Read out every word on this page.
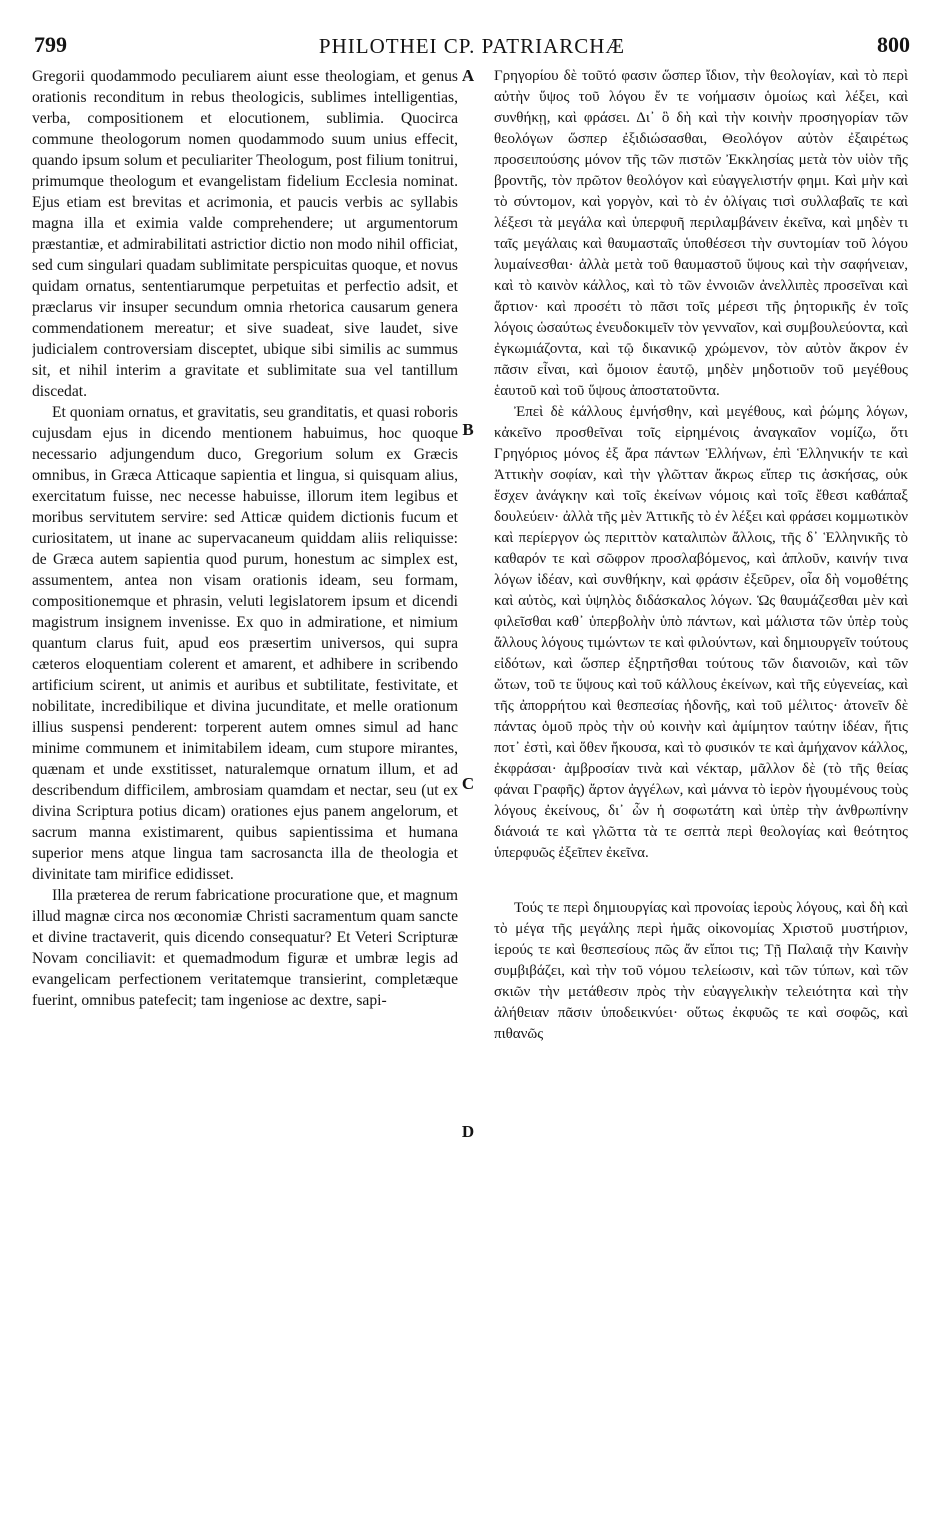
799	PHILOTHEI CP. PATRIARCHÆ	800
A
B
C
D

Gregorii quodammodo peculiarem aiunt esse theologiam, et genus orationis reconditum in rebus theologicis, sublimes intelligentias, verba, compositionem et elocutionem, sublimia. Quocirca commune theologorum nomen quodammodo suum unius effecit, quando ipsum solum et peculiariter Theologum, post filium tonitrui, primumque theologum et evangelistam fidelium Ecclesia nominat. Ejus etiam est brevitas et acrimonia, et paucis verbis ac syllabis magna illa et eximia valde comprehendere; ut argumentorum præstantiæ, et admirabilitati astrictior dictio non modo nihil officiat, sed cum singulari quadam sublimitate perspicuitas quoque, et novus quidam ornatus, sententiarumque perpetuitas et perfectio adsit, et præclarus vir insuper secundum omnia rhetorica causarum genera commendationem mereatur; et sive suadeat, sive laudet, sive judicialem controversiam disceptet, ubique sibi similis ac summus sit, et nihil interim a gravitate et sublimitate sua vel tantillum discedat.

Et quoniam ornatus, et gravitatis, seu granditatis, et quasi roboris cujusdam ejus in dicendo mentionem habuimus, hoc quoque necessario adjungendum duco, Gregorium solum ex Græcis omnibus, in Græca Atticaque sapientia et lingua, si quisquam alius, exercitatum fuisse, nec necesse habuisse, illorum item legibus et moribus servitutem servire: sed Atticæ quidem dictionis fucum et curiositatem, ut inane ac supervacaneum quiddam aliis reliquisse: de Græca autem sapientia quod purum, honestum ac simplex est, assumentem, antea non visam orationis ideam, seu formam, compositionemque et phrasin, veluti legislatorem ipsum et dicendi magistrum insignem invenisse. Ex quo in admiratione, et nimium quantum clarus fuit, apud eos præsertim universos, qui supra cæteros eloquentiam colerent et amarent, et adhibere in scribendo artificium scirent, ut animis et auribus et subtilitate, festivitate, et nobilitate, incredibilique et divina jucunditate, et melle orationum illius suspensi penderent: torperent autem omnes simul ad hanc minime communem et inimitabilem ideam, cum stupore mirantes, quænam et unde exstitisset, naturalemque ornatum illum, et ad describendum difficilem, ambrosiam quamdam et nectar, seu (ut ex divina Scriptura potius dicam) orationes ejus panem angelorum, et sacrum manna existimarent, quibus sapientissima et humana superior mens atque lingua tam sacrosancta illa de theologia et divinitate tam mirifice edidisset.

Illa præterea de rerum fabricatione procuratione que, et magnum illud magnæ circa nos œconomiæ Christi sacramentum quam sancte et divine tractaverit, quis dicendo consequatur? Et Veteri Scripturæ Novam conciliavit: et quemadmodum figuræ et umbræ legis ad evangelicam perfectionem veritatemque transierint, completæque fuerint, omnibus patefecit; tam ingeniose ac dextre, sapi-

Γρηγορίου δὲ τοῦτό φασιν ὥσπερ ἴδιον, τὴν θεολογίαν, καὶ τὸ περὶ αὐτὴν ὕψος τοῦ λόγου ἔν τε νοήμασιν ὁμοίως καὶ λέξει, καὶ συνθήκῃ, καὶ φράσει. Δι᾽ ὃ δὴ καὶ τὴν κοινὴν προσηγορίαν τῶν θεολόγων ὥσπερ ἐξιδιώσασθαι, Θεολόγον αὐτὸν ἐξαιρέτως προσειπούσης μόνον τῆς τῶν πιστῶν Ἐκκλησίας μετὰ τὸν υἱὸν τῆς βροντῆς, τὸν πρῶτον θεολόγον καὶ εὐαγγελιστήν φημι. Καὶ μὴν καὶ τὸ σύντομον, καὶ γοργὸν, καὶ τὸ ἐν ὀλίγαις τισὶ συλλαβαῖς τε καὶ λέξεσι τὰ μεγάλα καὶ ὑπερφυῆ περιλαμβάνειν ἐκεῖνα, καὶ μηδὲν τι ταῖς μεγάλαις καὶ θαυμασταῖς ὑποθέσεσι τὴν συντομίαν τοῦ λόγου λυμαίνεσθαι· ἀλλὰ μετὰ τοῦ θαυμαστοῦ ὕψους καὶ τὴν σαφήνειαν, καὶ τὸ καινὸν κάλλος, καὶ τὸ τῶν ἐννοιῶν ἀνελλιπὲς προσεῖναι καὶ ἄρτιον· καὶ προσέτι τὸ πᾶσι τοῖς μέρεσι τῆς ῥητορικῆς ἐν τοῖς λόγοις ὡσαύτως ἐνευδοκιμεῖν τὸν γενναῖον, καὶ συμβουλεύοντα, καὶ ἐγκωμιάζοντα, καὶ τῷ δικανικῷ χρώμενον, τὸν αὐτὸν ἄκρον ἐν πᾶσιν εἶναι, καὶ ὅμοιον ἑαυτῷ, μηδὲν μηδοτιοῦν τοῦ μεγέθους ἑαυτοῦ καὶ τοῦ ὕψους ἀποστατοῦντα.

Ἐπεὶ δὲ κάλλους ἐμνήσθην, καὶ μεγέθους, καὶ ῥώμης λόγων, κἀκεῖνο προσθεῖναι τοῖς εἰρημένοις ἀναγκαῖον νομίζω, ὅτι Γρηγόριος μόνος ἐξ ἄρα πάντων Ἑλλήνων, ἐπὶ Ἑλληνικήν τε καὶ Ἀττικὴν σοφίαν, καὶ τὴν γλῶτταν ἄκρως εἴπερ τις ἀσκήσας, οὐκ ἔσχεν ἀνάγκην καὶ τοῖς ἐκείνων νόμοις καὶ τοῖς ἔθεσι καθάπαξ δουλεύειν· ἀλλὰ τῆς μὲν Ἀττικῆς τὸ ἐν λέξει καὶ φράσει κομμωτικὸν καὶ περίεργον ὡς περιττὸν καταλιπὼν ἄλλοις, τῆς δ᾽ Ἑλληνικῆς τὸ καθαρόν τε καὶ σῶφρον προσλαβόμενος, καὶ ἁπλοῦν, καινήν τινα λόγων ἰδέαν, καὶ συνθήκην, καὶ φράσιν ἐξεῦρεν, οἷα δὴ νομοθέτης καὶ αὐτὸς, καὶ ὑψηλὸς διδάσκαλος λόγων. Ὡς θαυμάζεσθαι μὲν καὶ φιλεῖσθαι καθ᾽ ὑπερβολὴν ὑπὸ πάντων, καὶ μάλιστα τῶν ὑπὲρ τοὺς ἄλλους λόγους τιμώντων τε καὶ φιλούντων, καὶ δημιουργεῖν τούτους εἰδότων, καὶ ὥσπερ ἐξηρτῆσθαι τούτους τῶν διανοιῶν, καὶ τῶν ὤτων, τοῦ τε ὕψους καὶ τοῦ κάλλους ἐκείνων, καὶ τῆς εὐγενείας, καὶ τῆς ἀπορρήτου καὶ θεσπεσίας ἡδονῆς, καὶ τοῦ μέλιτος· ἀτονεῖν δὲ πάντας ὁμοῦ πρὸς τὴν οὐ κοινὴν καὶ ἀμίμητον ταύτην ἰδέαν, ἥτις ποτ᾽ ἐστὶ, καὶ ὅθεν ἤκουσα, καὶ τὸ φυσικόν τε καὶ ἀμήχανον κάλλος, ἐκφράσαι· ἀμβροσίαν τινὰ καὶ νέκταρ, μᾶλλον δὲ (τὸ τῆς θείας φάναι Γραφῆς) ἄρτον ἀγγέλων, καὶ μάννα τὸ ἱερὸν ἡγουμένους τοὺς λόγους ἐκείνους, δι᾽ ὧν ἡ σοφωτάτη καὶ ὑπὲρ τὴν ἀνθρωπίνην διάνοιά τε καὶ γλῶττα τὰ τε σεπτὰ περὶ θεολογίας καὶ θεότητος ὑπερφυῶς ἐξεῖπεν ἐκεῖνα.

Τούς τε περὶ δημιουργίας καὶ προνοίας ἱεροὺς λόγους, καὶ δὴ καὶ τὸ μέγα τῆς μεγάλης περὶ ἡμᾶς οἰκονομίας Χριστοῦ μυστήριον, ἱερούς τε καὶ θεσπεσίους πῶς ἄν εἴποι τις; Τῇ Παλαιᾷ τὴν Καινὴν συμβιβάζει, καὶ τὴν τοῦ νόμου τελείωσιν, καὶ τῶν τύπων, καὶ τῶν σκιῶν τὴν μετάθεσιν πρὸς τὴν εὐαγγελικὴν τελειότητα καὶ τὴν ἀλήθειαν πᾶσιν ὑποδεικνύει· οὕτως ἐκφυῶς τε καὶ σοφῶς, καὶ πιθανῶς
